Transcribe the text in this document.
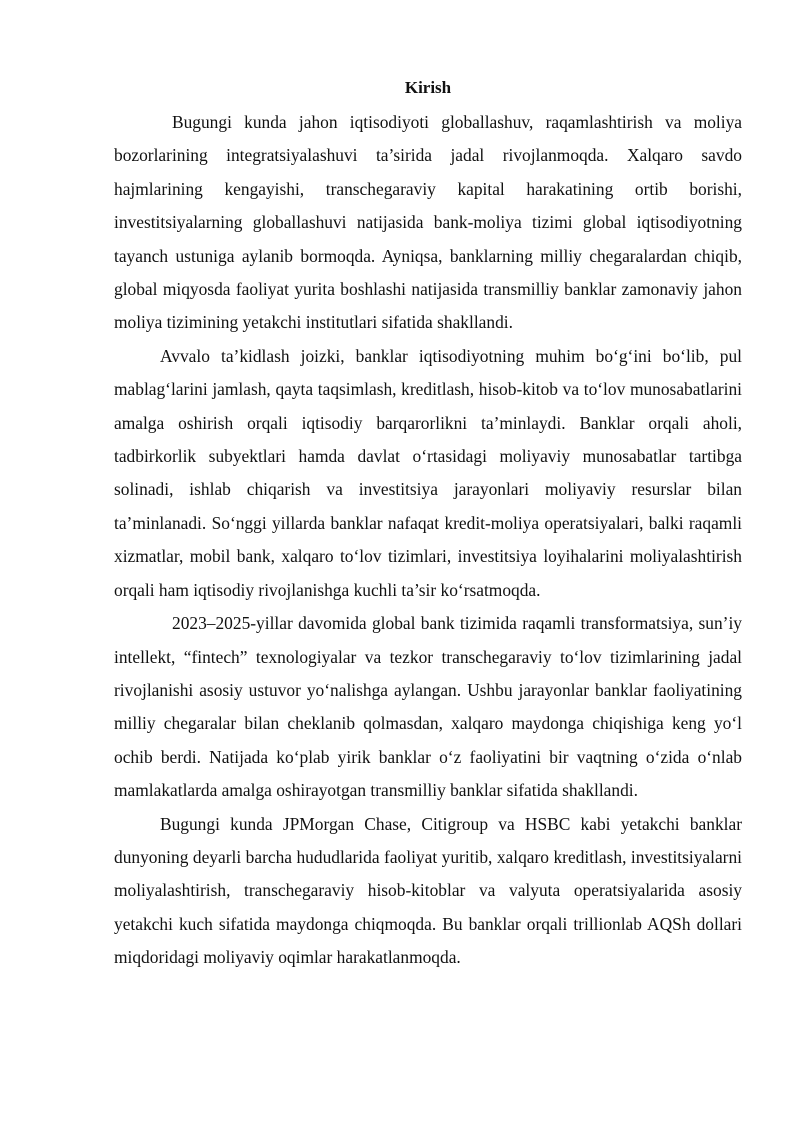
Kirish

Bugungi kunda jahon iqtisodiyoti globallashuv, raqamlashtirish va moliya bozorlarining integratsiyalashuvi ta’sirida jadal rivojlanmoqda. Xalqaro savdo hajmlarining kengayishi, transchegaraviy kapital harakatining ortib borishi, investitsiyalarning globallashuvi natijasida bank-moliya tizimi global iqtisodiyotning tayanch ustuniga aylanib bormoqda. Ayniqsa, banklarning milliy chegaralardan chiqib, global miqyosda faoliyat yurita boshlashi natijasida transmilliy banklar zamonaviy jahon moliya tizimining yetakchi institutlari sifatida shakllandi.

Avvalo ta’kidlash joizki, banklar iqtisodiyotning muhim bo‘g‘ini bo‘lib, pul mablag‘larini jamlash, qayta taqsimlash, kreditlash, hisob-kitob va to‘lov munosabatlarini amalga oshirish orqali iqtisodiy barqarorlikni ta’minlaydi. Banklar orqali aholi, tadbirkorlik subyektlari hamda davlat o‘rtasidagi moliyaviy munosabatlar tartibga solinadi, ishlab chiqarish va investitsiya jarayonlari moliyaviy resurslar bilan ta’minlanadi. So‘nggi yillarda banklar nafaqat kredit-moliya operatsiyalari, balki raqamli xizmatlar, mobil bank, xalqaro to‘lov tizimlari, investitsiya loyihalarini moliyalashtirish orqali ham iqtisodiy rivojlanishga kuchli ta’sir ko‘rsatmoqda.

2023–2025-yillar davomida global bank tizimida raqamli transformatsiya, sun’iy intellekt, “fintech” texnologiyalar va tezkor transchegaraviy to‘lov tizimlarining jadal rivojlanishi asosiy ustuvor yo‘nalishga aylangan. Ushbu jarayonlar banklar faoliyatining milliy chegaralar bilan cheklanib qolmasdan, xalqaro maydonga chiqishiga keng yo‘l ochib berdi. Natijada ko‘plab yirik banklar o‘z faoliyatini bir vaqtning o‘zida o‘nlab mamlakatlarda amalga oshirayotgan transmilliy banklar sifatida shakllandi.

Bugungi kunda JPMorgan Chase, Citigroup va HSBC kabi yetakchi banklar dunyoning deyarli barcha hududlarida faoliyat yuritib, xalqaro kreditlash, investitsiyalarni moliyalashtirish, transchegaraviy hisob-kitoblar va valyuta operatsiyalarida asosiy yetakchi kuch sifatida maydonga chiqmoqda. Bu banklar orqali trillionlab AQSh dollari miqdoridagi moliyaviy oqimlar harakatlanmoqda.
